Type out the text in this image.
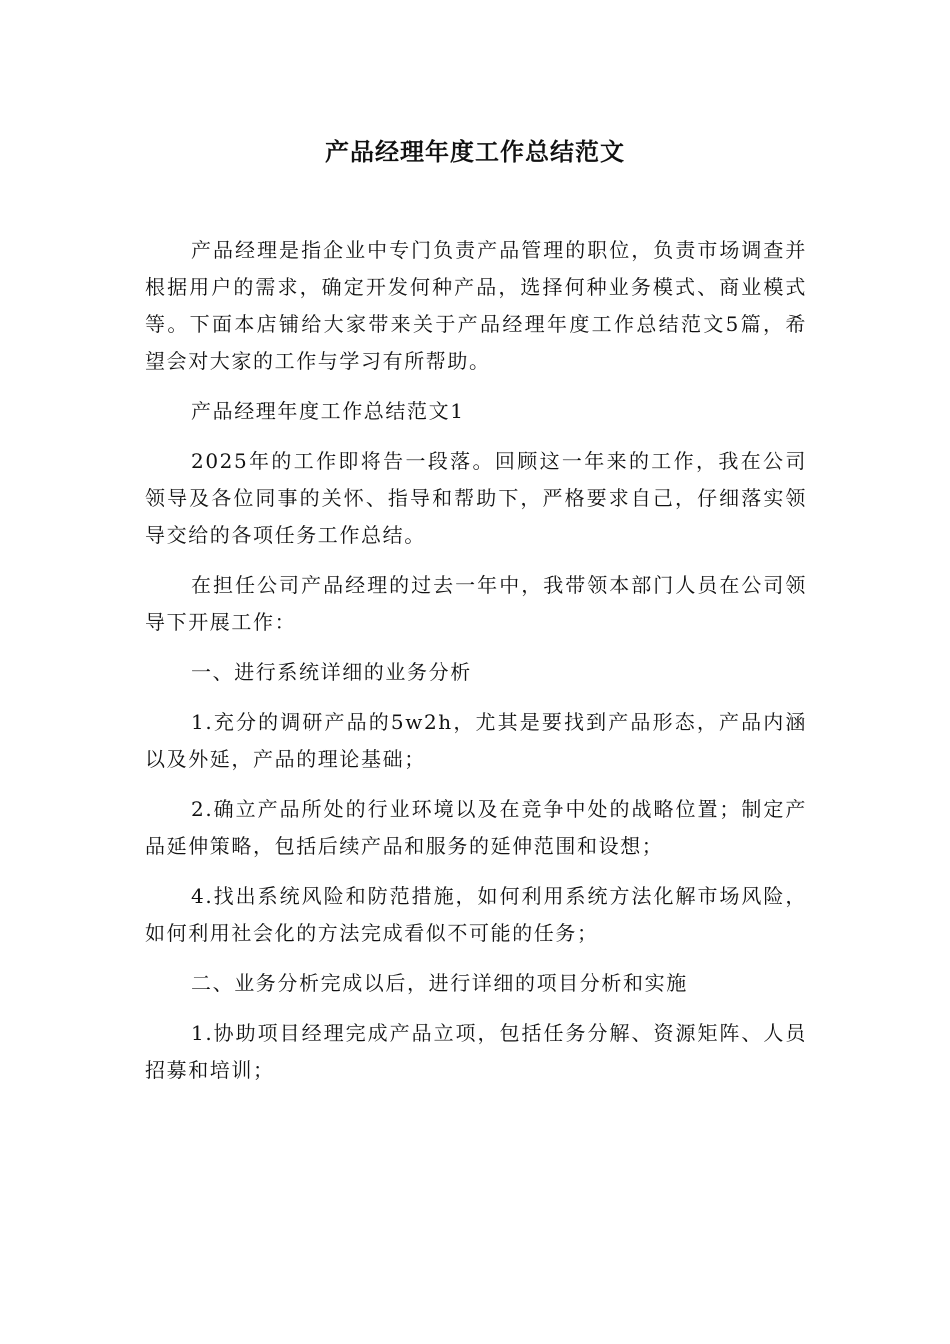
产品经理年度工作总结范文

产品经理是指企业中专门负责产品管理的职位，负责市场调查并根据用户的需求，确定开发何种产品，选择何种业务模式、商业模式等。下面本店铺给大家带来关于产品经理年度工作总结范文5篇，希望会对大家的工作与学习有所帮助。

产品经理年度工作总结范文1

2025年的工作即将告一段落。回顾这一年来的工作，我在公司领导及各位同事的关怀、指导和帮助下，严格要求自己，仔细落实领导交给的各项任务工作总结。

在担任公司产品经理的过去一年中，我带领本部门人员在公司领导下开展工作：

一、进行系统详细的业务分析

1.充分的调研产品的5w2h，尤其是要找到产品形态，产品内涵以及外延，产品的理论基础；

2.确立产品所处的行业环境以及在竞争中处的战略位置；制定产品延伸策略，包括后续产品和服务的延伸范围和设想；

4.找出系统风险和防范措施，如何利用系统方法化解市场风险，如何利用社会化的方法完成看似不可能的任务；

二、业务分析完成以后，进行详细的项目分析和实施

1.协助项目经理完成产品立项，包括任务分解、资源矩阵、人员招募和培训；
